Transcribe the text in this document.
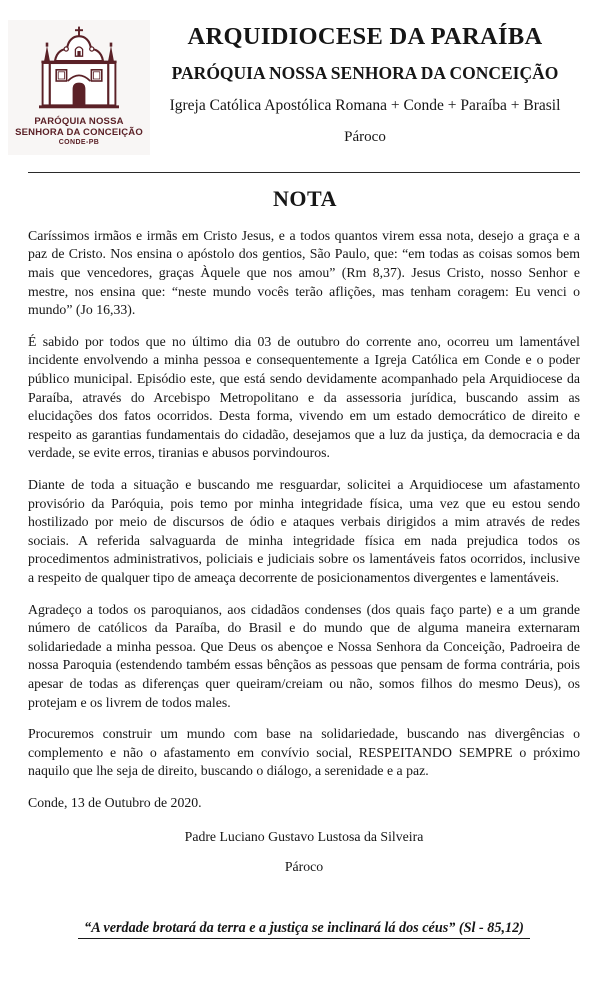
PARÓQUIA NOSSA
SENHORA DA CONCEIÇÃO
CONDE-PB
ARQUIDIOCESE DA PARAÍBA
PARÓQUIA NOSSA SENHORA DA CONCEIÇÃO
Igreja Católica Apostólica Romana + Conde + Paraíba + Brasil
Pároco
NOTA

Caríssimos irmãos e irmãs em Cristo Jesus, e a todos quantos virem essa nota, desejo a graça e a paz de Cristo. Nos ensina o apóstolo dos gentios, São Paulo, que: “em todas as coisas somos bem mais que vencedores, graças Àquele que nos amou” (Rm 8,37). Jesus Cristo, nosso Senhor e mestre, nos ensina que: “neste mundo vocês terão aflições, mas tenham coragem: Eu venci o mundo” (Jo 16,33).

É sabido por todos que no último dia 03 de outubro do corrente ano, ocorreu um lamentável incidente envolvendo a minha pessoa e consequentemente a Igreja Católica em Conde e o poder público municipal. Episódio este, que está sendo devidamente acompanhado pela Arquidiocese da Paraíba, através do Arcebispo Metropolitano e da assessoria jurídica, buscando assim as elucidações dos fatos ocorridos. Desta forma, vivendo em um estado democrático de direito e respeito as garantias fundamentais do cidadão, desejamos que a luz da justiça, da democracia e da verdade, se evite erros, tiranias e abusos porvindouros.

Diante de toda a situação e buscando me resguardar, solicitei a Arquidiocese um afastamento provisório da Paróquia, pois temo por minha integridade física, uma vez que eu estou sendo hostilizado por meio de discursos de ódio e ataques verbais dirigidos a mim através de redes sociais. A referida salvaguarda de minha integridade física em nada prejudica todos os procedimentos administrativos, policiais e judiciais sobre os lamentáveis fatos ocorridos, inclusive a respeito de qualquer tipo de ameaça decorrente de posicionamentos divergentes e lamentáveis.

Agradeço a todos os paroquianos, aos cidadãos condenses (dos quais faço parte) e a um grande número de católicos da Paraíba, do Brasil e do mundo que de alguma maneira externaram solidariedade a minha pessoa. Que Deus os abençoe e Nossa Senhora da Conceição, Padroeira de nossa Paroquia (estendendo também essas bênçãos as pessoas que pensam de forma contrária, pois apesar de todas as diferenças quer queiram/creiam ou não, somos filhos do mesmo Deus), os protejam e os livrem de todos males.

Procuremos construir um mundo com base na solidariedade, buscando nas divergências o complemento e não o afastamento em convívio social, RESPEITANDO SEMPRE o próximo naquilo que lhe seja de direito, buscando o diálogo, a serenidade e a paz.

Conde, 13 de Outubro de 2020.

Padre Luciano Gustavo Lustosa da Silveira
Pároco
“A verdade brotará da terra e a justiça se inclinará lá dos céus” (Sl - 85,12)
